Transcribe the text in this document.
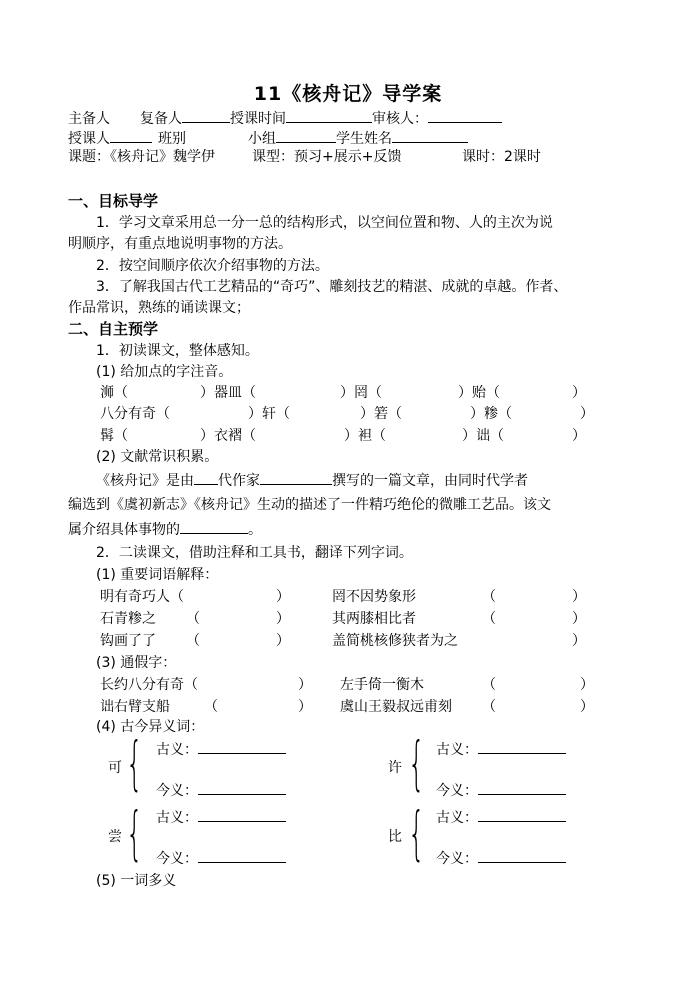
11《核舟记》导学案
主备人 复备人	授课时间	审核人：
授课人	班别	小组	学生姓名
课题：《核舟记》魏学伊	课型：预习+展示+反馈	课时：2课时
一、目标导学
1．学习文章采用总一分一总的结构形式，以空间位置和物、人的主次为说
明顺序，有重点地说明事物的方法。
2．按空间顺序依次介绍事物的方法。
3．了解我国古代工艺精品的“奇巧”、雕刻技艺的精湛、成就的卓越。作者、
作品常识，熟练的诵读课文；
二、自主预学
1．初读课文，整体感知。
(1) 给加点的字注音。
浉（	）器皿（	）罔（	）贻（	）
八分有奇（	）轩（	）箬（	）糁（	）
髯（	）衣褶（	）袒（	）诎（	）
(2) 文献常识积累。
《核舟记》是由 代作家	撰写的一篇文章，由同时代学者
编选到《虞初新志》《核舟记》生动的描述了一件精巧绝伦的微雕工艺品。该文
属介绍具体事物的	。
2．二读课文，借助注释和工具书，翻译下列字词。
(1) 重要词语解释：
明有奇巧人（	）	罔不因势象形	（	）
石青糁之 （	）	其两膝相比者	（	）
钩画了了 （	）	盖简桃核修狭者为之	）
(3) 通假字：
长约八分有奇（	） 左手倚一衡木	（	）
诎右臂支船 （	） 虞山王毅叔远甫刻 （	）
(4) 古今异义词：
可 { 古义：
今义：
许 { 古义：
今义：
尝 { 古义：
今义：
比 { 古义：
今义：
(5) 一词多义
